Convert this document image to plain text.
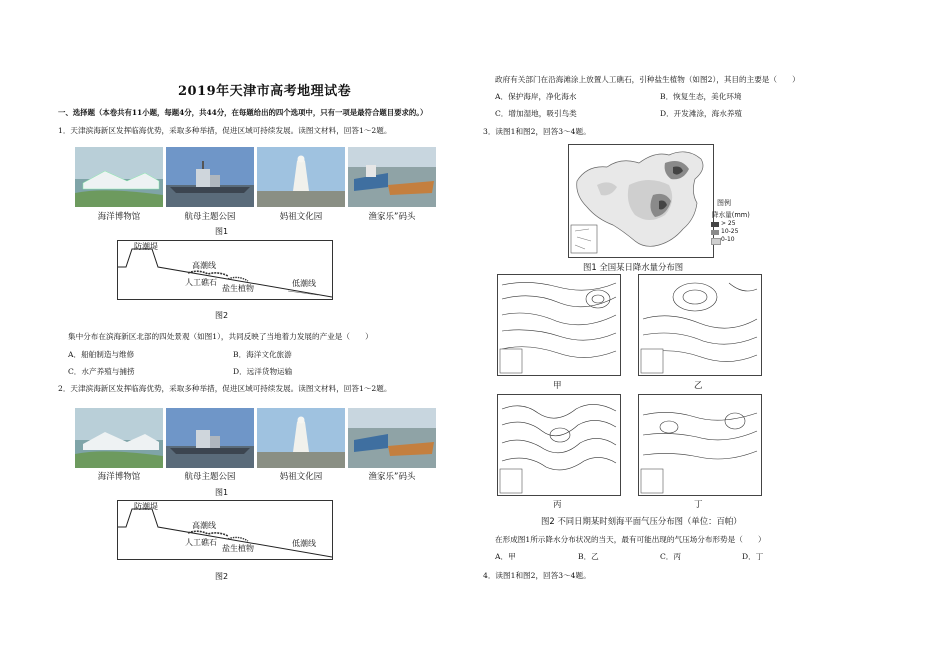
2019年天津市高考地理试卷
一、选择题（本卷共有11小题，每题4分，共44分，在每题给出的四个选项中，只有一项是最符合题目要求的。）
1．天津滨海新区发挥临海优势，采取多种举措，促进区域可持续发展。读图文材料，回答1～2题。
海洋博物馆	航母主题公园	妈祖文化园	渔家乐”码头
图1
防潮堤
高潮线
人工礁石
盐生植物
低潮线
图2
集中分布在滨海新区北部的四处景观（如图1），共同反映了当地着力发展的产业是（　　）
A．船舶制造与维修	B．海洋文化旅游
C．水产养殖与捕捞	D．远洋货物运输
2．天津滨海新区发挥临海优势，采取多种举措，促进区域可持续发展。读图文材料，回答1～2题。
海洋博物馆	航母主题公园	妈祖文化园	渔家乐”码头
图1
防潮堤
高潮线
人工礁石
盐生植物
低潮线
图2
政府有关部门在沿海滩涂上放置人工礁石，引种盐生植物（如图2），其目的主要是（　　）
A．保护海岸，净化海水	B．恢复生态，美化环境
C．增加湿地，吸引鸟类	D．开发滩涂，海水养殖
3．读图1和图2，回答3～4题。
图例
降水量(mm)
> 25
10-25
0-10
图1 全国某日降水量分布图
甲	乙
丙	丁
图2 不同日期某时刻海平面气压分布图（单位：百帕）
在形成图1所示降水分布状况的当天，最有可能出现的气压场分布形势是（　　）
A．甲	B．乙	C．丙	D．丁
4．读图1和图2，回答3～4题。
